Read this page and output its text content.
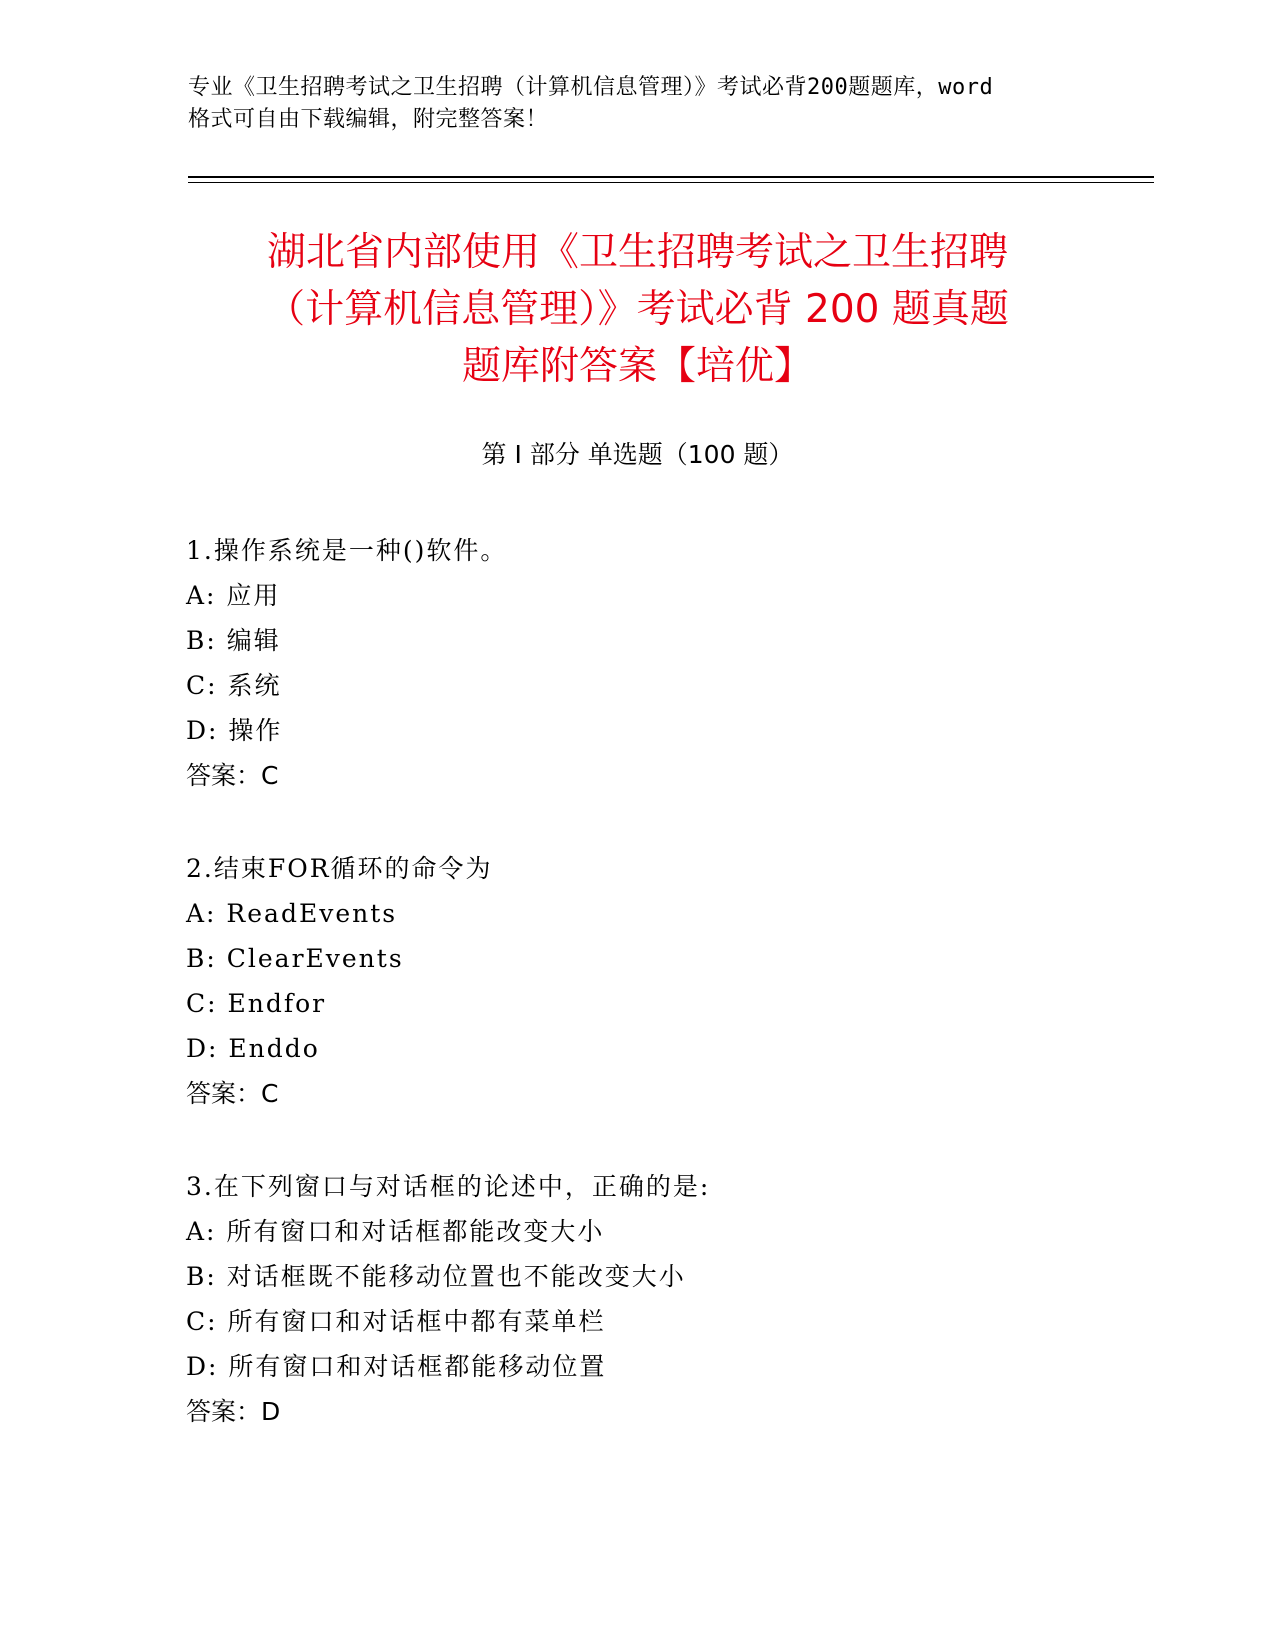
专业《卫生招聘考试之卫生招聘（计算机信息管理）》考试必背200题题库，word

格式可自由下载编辑，附完整答案！

湖北省内部使用《卫生招聘考试之卫生招聘
（计算机信息管理）》考试必背 200 题真题
题库附答案【培优】
第 I 部分 单选题（100 题）
1.操作系统是一种()软件。
A: 应用
B: 编辑
C: 系统
D: 操作
答案：C
2.结束FOR循环的命令为
A: ReadEvents
B: ClearEvents
C: Endfor
D: Enddo
答案：C
3.在下列窗口与对话框的论述中，正确的是:
A: 所有窗口和对话框都能改变大小
B: 对话框既不能移动位置也不能改变大小
C: 所有窗口和对话框中都有菜单栏
D: 所有窗口和对话框都能移动位置
答案：D
